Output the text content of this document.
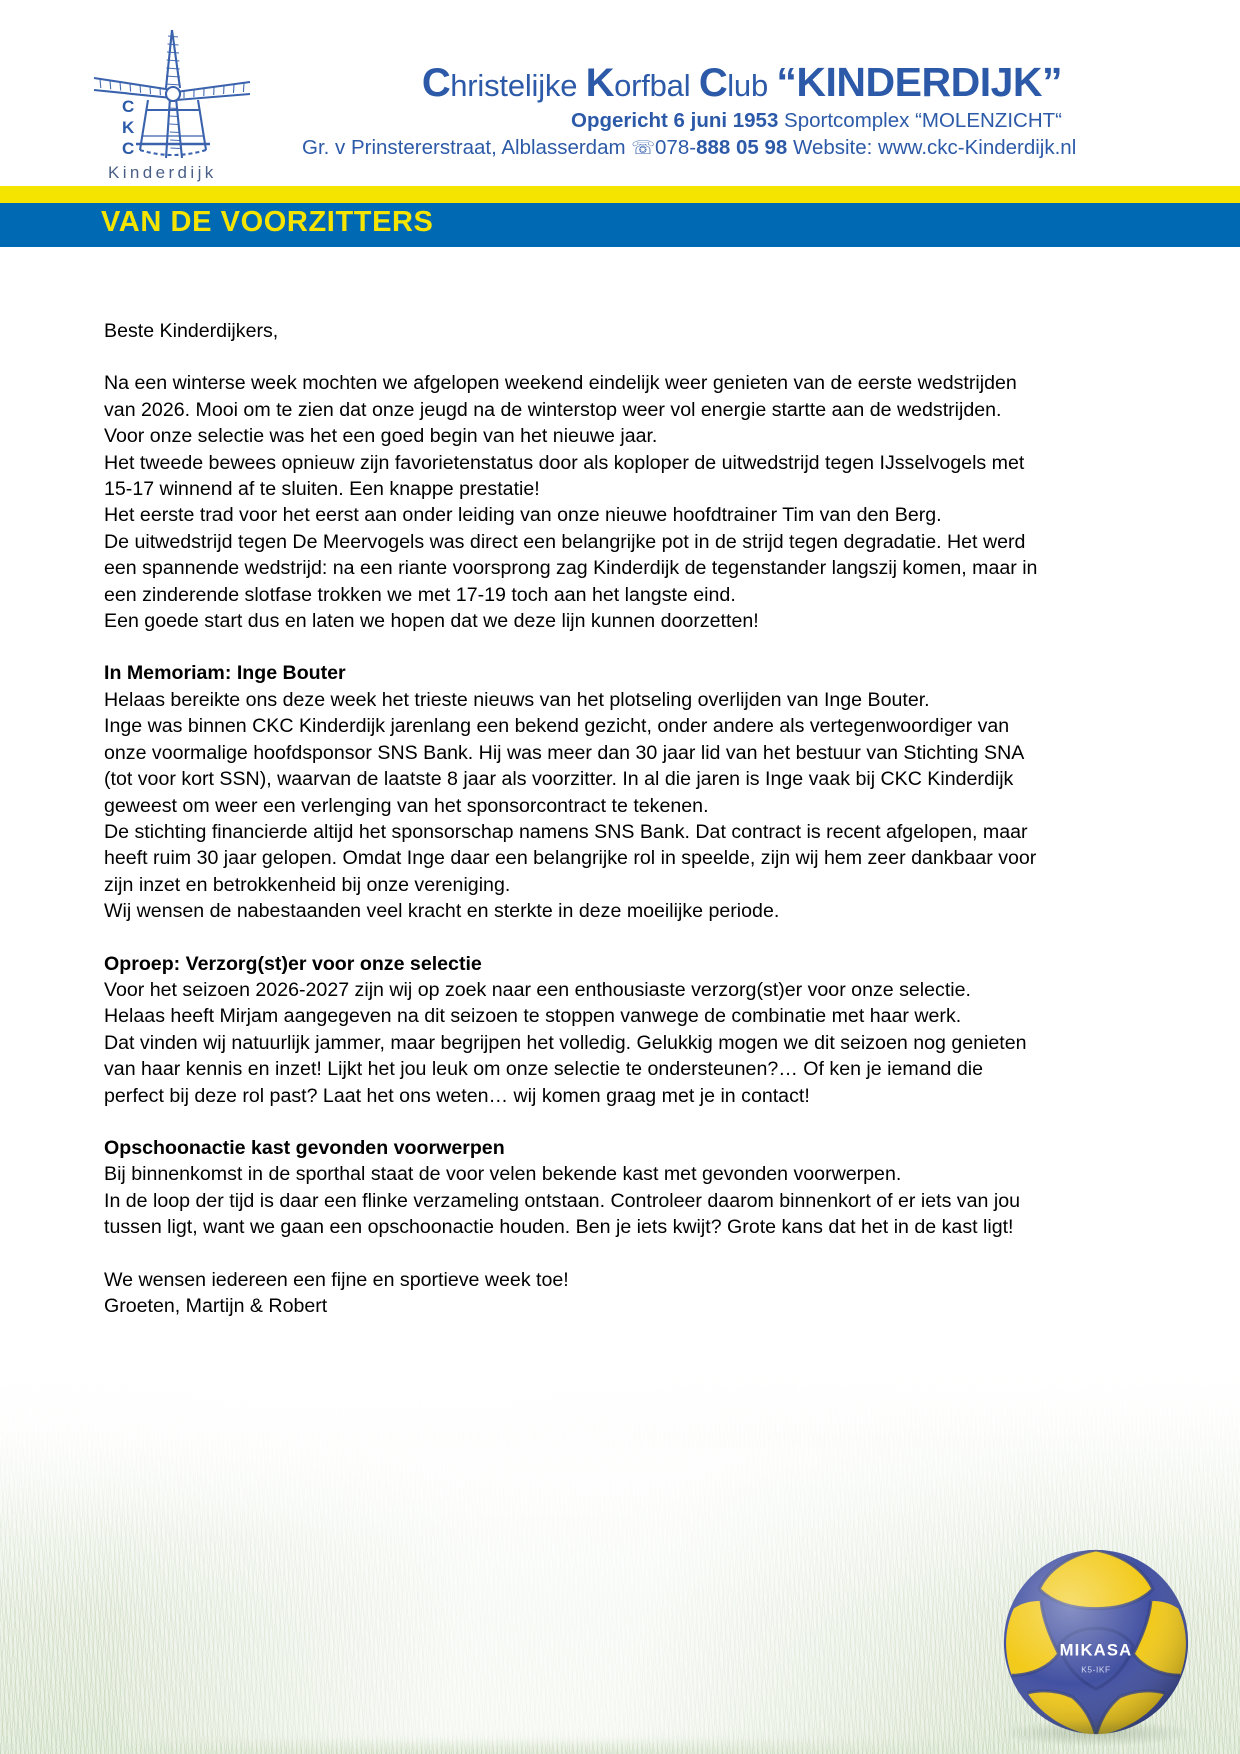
C
K
C
Kinderdijk
Christelijke Korfbal Club “KINDERDIJK”
Opgericht 6 juni 1953 Sportcomplex “MOLENZICHT“
Gr. v Prinstererstraat, Alblasserdam ☏078-888 05 98 Website: www.ckc-Kinderdijk.nl
VAN DE VOORZITTERS
Beste Kinderdijkers,
Na een winterse week mochten we afgelopen weekend eindelijk weer genieten van de eerste wedstrijden van 2026. Mooi om te zien dat onze jeugd na de winterstop weer vol energie startte aan de wedstrijden.
Voor onze selectie was het een goed begin van het nieuwe jaar.
Het tweede bewees opnieuw zijn favorietenstatus door als koploper de uitwedstrijd tegen IJsselvogels met 15-17 winnend af te sluiten. Een knappe prestatie!
Het eerste trad voor het eerst aan onder leiding van onze nieuwe hoofdtrainer Tim van den Berg.
De uitwedstrijd tegen De Meervogels was direct een belangrijke pot in de strijd tegen degradatie. Het werd een spannende wedstrijd: na een riante voorsprong zag Kinderdijk de tegenstander langszij komen, maar in een zinderende slotfase trokken we met 17-19 toch aan het langste eind.
Een goede start dus en laten we hopen dat we deze lijn kunnen doorzetten!
In Memoriam: Inge Bouter
Helaas bereikte ons deze week het trieste nieuws van het plotseling overlijden van Inge Bouter.
Inge was binnen CKC Kinderdijk jarenlang een bekend gezicht, onder andere als vertegenwoordiger van onze voormalige hoofdsponsor SNS Bank. Hij was meer dan 30 jaar lid van het bestuur van Stichting SNA (tot voor kort SSN), waarvan de laatste 8 jaar als voorzitter. In al die jaren is Inge vaak bij CKC Kinderdijk geweest om weer een verlenging van het sponsorcontract te tekenen.
De stichting financierde altijd het sponsorschap namens SNS Bank. Dat contract is recent afgelopen, maar heeft ruim 30 jaar gelopen. Omdat Inge daar een belangrijke rol in speelde, zijn wij hem zeer dankbaar voor zijn inzet en betrokkenheid bij onze vereniging.
Wij wensen de nabestaanden veel kracht en sterkte in deze moeilijke periode.
Oproep: Verzorg(st)er voor onze selectie
Voor het seizoen 2026-2027 zijn wij op zoek naar een enthousiaste verzorg(st)er voor onze selectie.
Helaas heeft Mirjam aangegeven na dit seizoen te stoppen vanwege de combinatie met haar werk.
Dat vinden wij natuurlijk jammer, maar begrijpen het volledig. Gelukkig mogen we dit seizoen nog genieten van haar kennis en inzet! Lijkt het jou leuk om onze selectie te ondersteunen?… Of ken je iemand die perfect bij deze rol past? Laat het ons weten… wij komen graag met je in contact!
Opschoonactie kast gevonden voorwerpen
Bij binnenkomst in de sporthal staat de voor velen bekende kast met gevonden voorwerpen.
In de loop der tijd is daar een flinke verzameling ontstaan. Controleer daarom binnenkort of er iets van jou tussen ligt, want we gaan een opschoonactie houden. Ben je iets kwijt? Grote kans dat het in de kast ligt!
We wensen iedereen een fijne en sportieve week toe!
Groeten, Martijn & Robert
